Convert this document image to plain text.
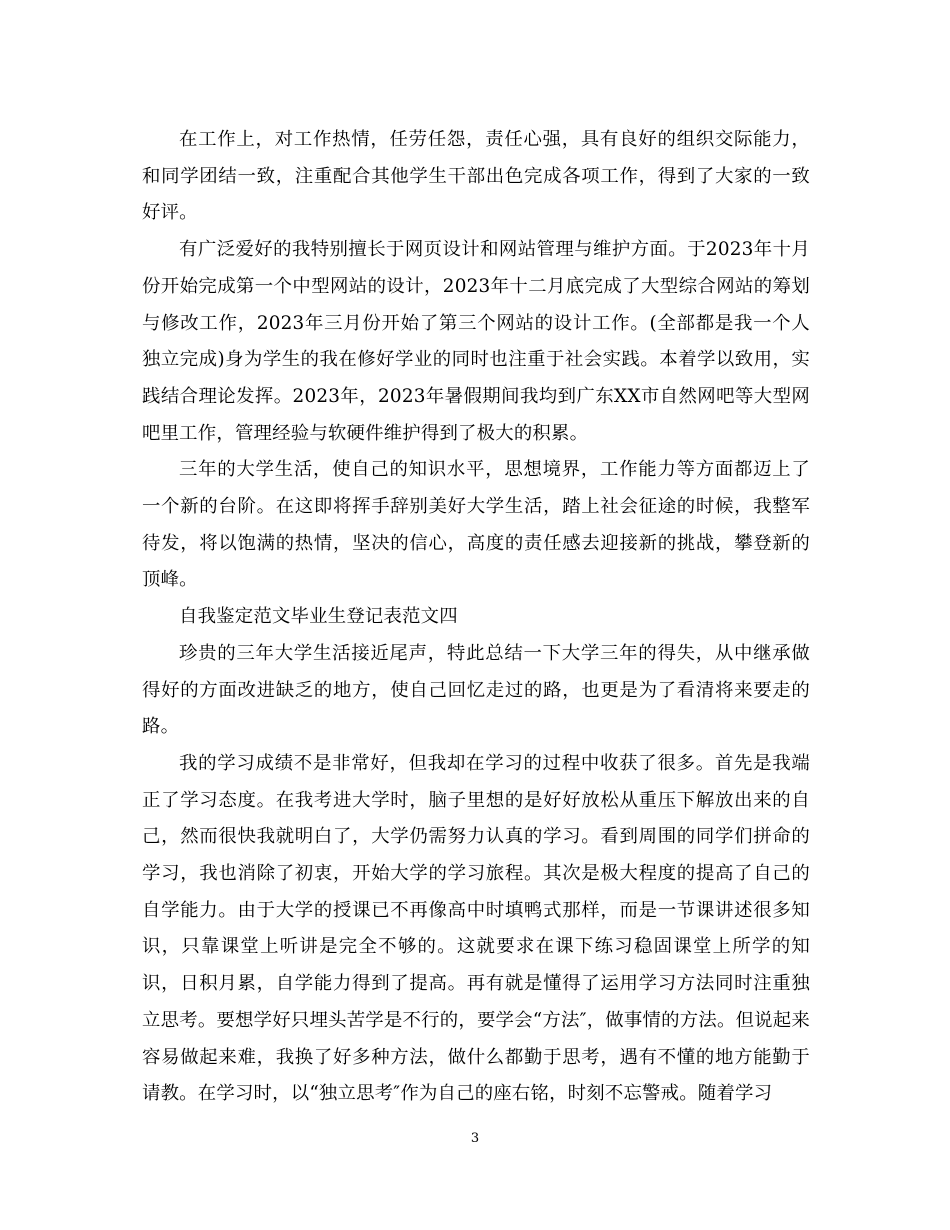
在工作上，对工作热情，任劳任怨，责任心强，具有良好的组织交际能力，和同学团结一致，注重配合其他学生干部出色完成各项工作，得到了大家的一致好评。

有广泛爱好的我特别擅长于网页设计和网站管理与维护方面。于2023年十月份开始完成第一个中型网站的设计，2023年十二月底完成了大型综合网站的筹划与修改工作，2023年三月份开始了第三个网站的设计工作。(全部都是我一个人独立完成)身为学生的我在修好学业的同时也注重于社会实践。本着学以致用，实践结合理论发挥。2023年，2023年暑假期间我均到广东XX市自然网吧等大型网吧里工作，管理经验与软硬件维护得到了极大的积累。

三年的大学生活，使自己的知识水平，思想境界，工作能力等方面都迈上了一个新的台阶。在这即将挥手辞别美好大学生活，踏上社会征途的时候，我整军待发，将以饱满的热情，坚决的信心，高度的责任感去迎接新的挑战，攀登新的顶峰。

自我鉴定范文毕业生登记表范文四

珍贵的三年大学生活接近尾声，特此总结一下大学三年的得失，从中继承做得好的方面改进缺乏的地方，使自己回忆走过的路，也更是为了看清将来要走的路。

我的学习成绩不是非常好，但我却在学习的过程中收获了很多。首先是我端正了学习态度。在我考进大学时，脑子里想的是好好放松从重压下解放出来的自己，然而很快我就明白了，大学仍需努力认真的学习。看到周围的同学们拼命的学习，我也消除了初衷，开始大学的学习旅程。其次是极大程度的提高了自己的自学能力。由于大学的授课已不再像高中时填鸭式那样，而是一节课讲述很多知识，只靠课堂上听讲是完全不够的。这就要求在课下练习稳固课堂上所学的知识，日积月累，自学能力得到了提高。再有就是懂得了运用学习方法同时注重独立思考。要想学好只埋头苦学是不行的，要学会“方法″，做事情的方法。但说起来容易做起来难，我换了好多种方法，做什么都勤于思考，遇有不懂的地方能勤于请教。在学习时，以“独立思考″作为自己的座右铭，时刻不忘警戒。随着学习

3
